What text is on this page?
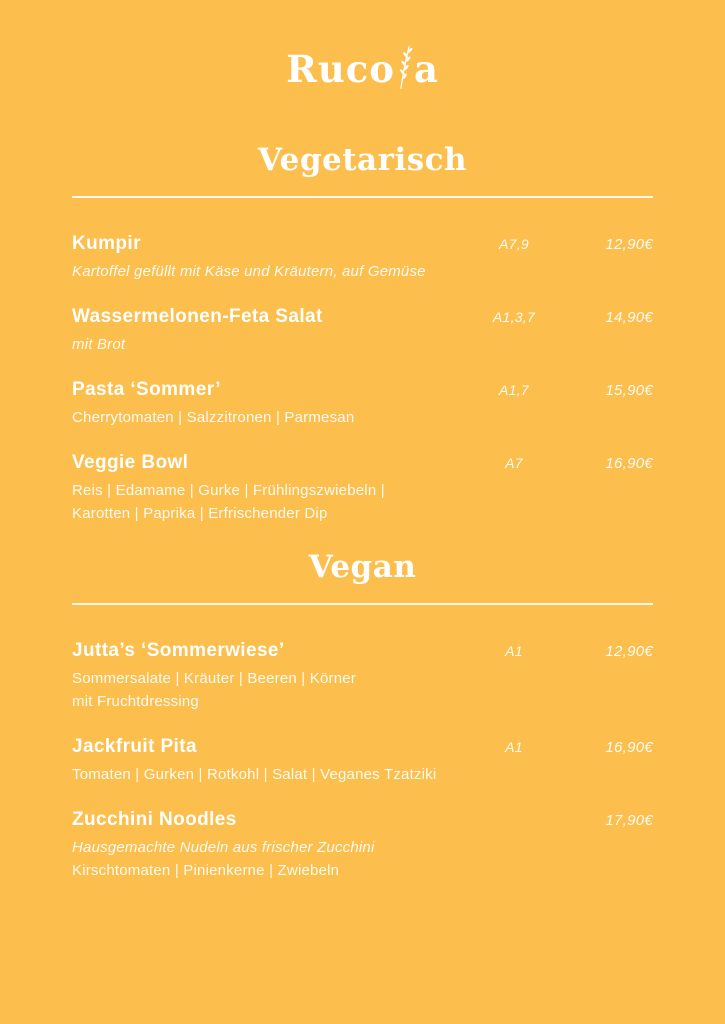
Ruco a
Vegetarisch
Kumpir	A7,9	12,90€
Kartoffel gefüllt mit Käse und Kräutern, auf Gemüse
Wassermelonen-Feta Salat	A1,3,7	14,90€
mit Brot
Pasta ‘Sommer’	A1,7	15,90€
Cherrytomaten | Salzzitronen | Parmesan
Veggie Bowl	A7	16,90€
Reis | Edamame | Gurke | Frühlingszwiebeln |
Karotten | Paprika | Erfrischender Dip
Vegan
Jutta’s ‘Sommerwiese’	A1	12,90€
Sommersalate | Kräuter | Beeren | Körner
mit Fruchtdressing
Jackfruit Pita	A1	16,90€
Tomaten | Gurken | Rotkohl | Salat | Veganes Tzatziki
Zucchini Noodles	17,90€
Hausgemachte Nudeln aus frischer Zucchini
Kirschtomaten | Pinienkerne | Zwiebeln
